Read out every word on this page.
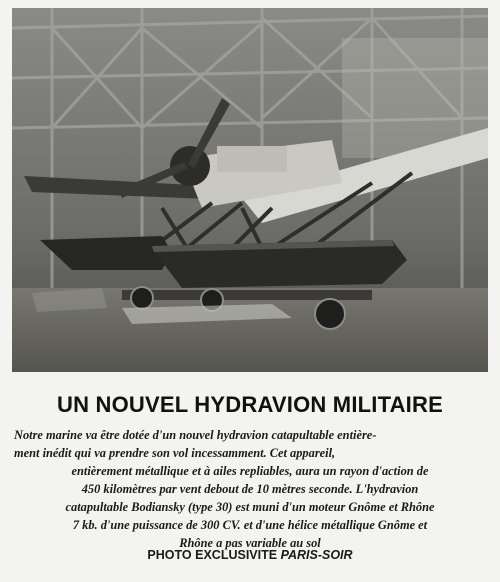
UN NOUVEL HYDRAVION MILITAIRE
Notre marine va être dotée d'un nouvel hydravion catapultable entière-
ment inédit qui va prendre son vol incessamment. Cet appareil,
entièrement métallique et à ailes repliables, aura un rayon d'action de
450 kilomètres par vent debout de 10 mètres seconde. L'hydravion
catapultable Bodiansky (type 30) est muni d'un moteur Gnôme et Rhône
7 kb. d'une puissance de 300 CV. et d'une hélice métallique Gnôme et
Rhône a pas variable au sol
PHOTO EXCLUSIVITE PARIS-SOIR
